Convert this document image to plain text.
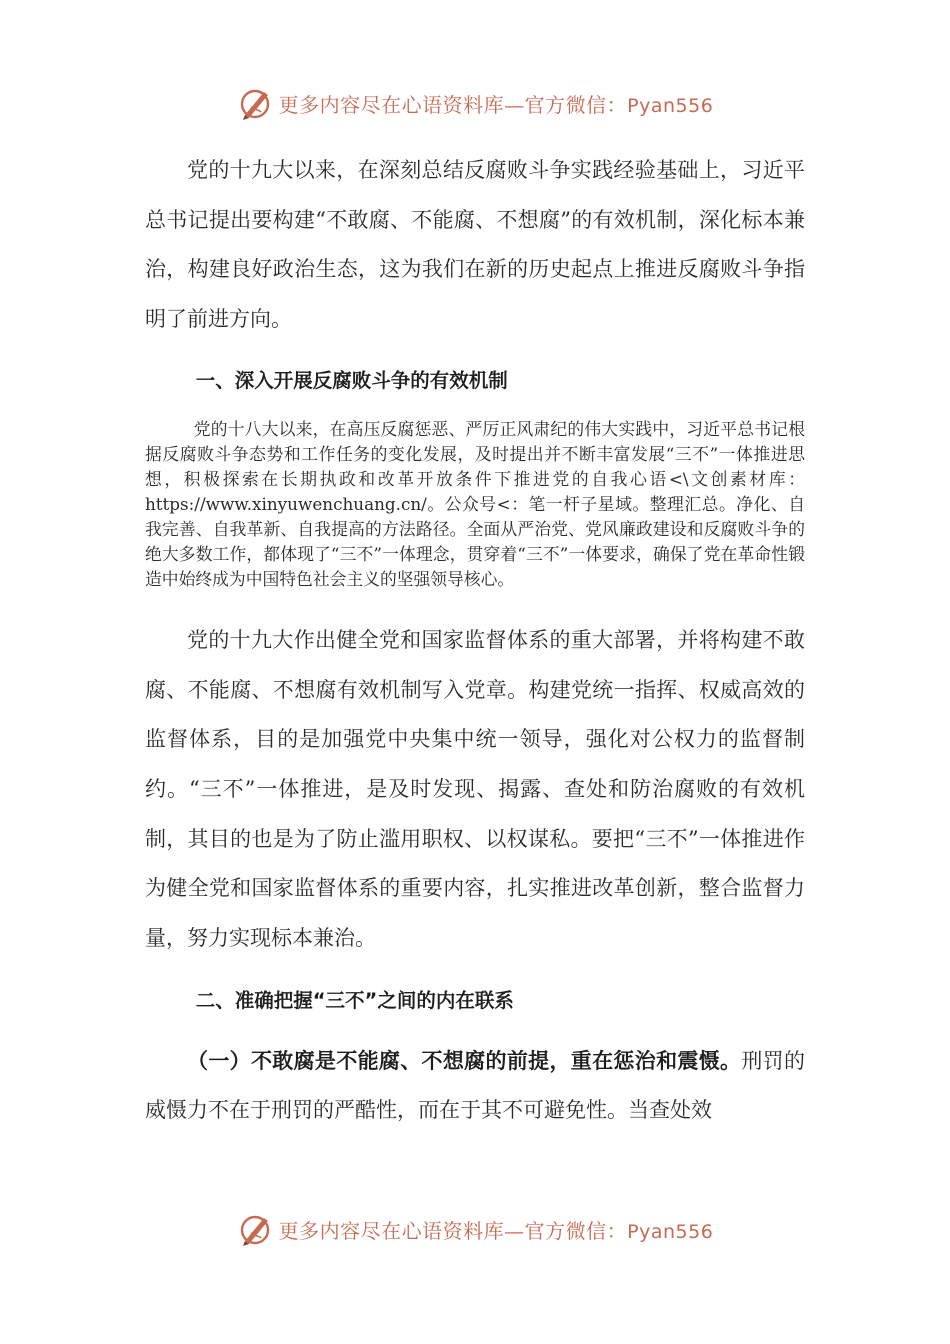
更多内容尽在心语资料库—官方微信：Pyan556

党的十九大以来，在深刻总结反腐败斗争实践经验基础上，习近平总书记提出要构建“不敢腐、不能腐、不想腐”的有效机制，深化标本兼治，构建良好政治生态，这为我们在新的历史起点上推进反腐败斗争指明了前进方向。

一、深入开展反腐败斗争的有效机制

党的十八大以来，在高压反腐惩恶、严厉正风肃纪的伟大实践中，习近平总书记根据反腐败斗争态势和工作任务的变化发展，及时提出并不断丰富发展“三不”一体推进思想，积极探索在长期执政和改革开放条件下推进党的自我心语<\文创素材库：https://www.xinyuwenchuang.cn/。公众号<：笔一杆子星域。整理汇总。净化、自我完善、自我革新、自我提高的方法路径。全面从严治党、党风廉政建设和反腐败斗争的绝大多数工作，都体现了“三不”一体理念，贯穿着“三不”一体要求，确保了党在革命性锻造中始终成为中国特色社会主义的坚强领导核心。

党的十九大作出健全党和国家监督体系的重大部署，并将构建不敢腐、不能腐、不想腐有效机制写入党章。构建党统一指挥、权威高效的监督体系，目的是加强党中央集中统一领导，强化对公权力的监督制约。“三不”一体推进，是及时发现、揭露、查处和防治腐败的有效机制，其目的也是为了防止滥用职权、以权谋私。要把“三不”一体推进作为健全党和国家监督体系的重要内容，扎实推进改革创新，整合监督力量，努力实现标本兼治。

二、准确把握“三不”之间的内在联系

（一）不敢腐是不能腐、不想腐的前提，重在惩治和震慑。刑罚的威慑力不在于刑罚的严酷性，而在于其不可避免性。当查处效

更多内容尽在心语资料库—官方微信：Pyan556
